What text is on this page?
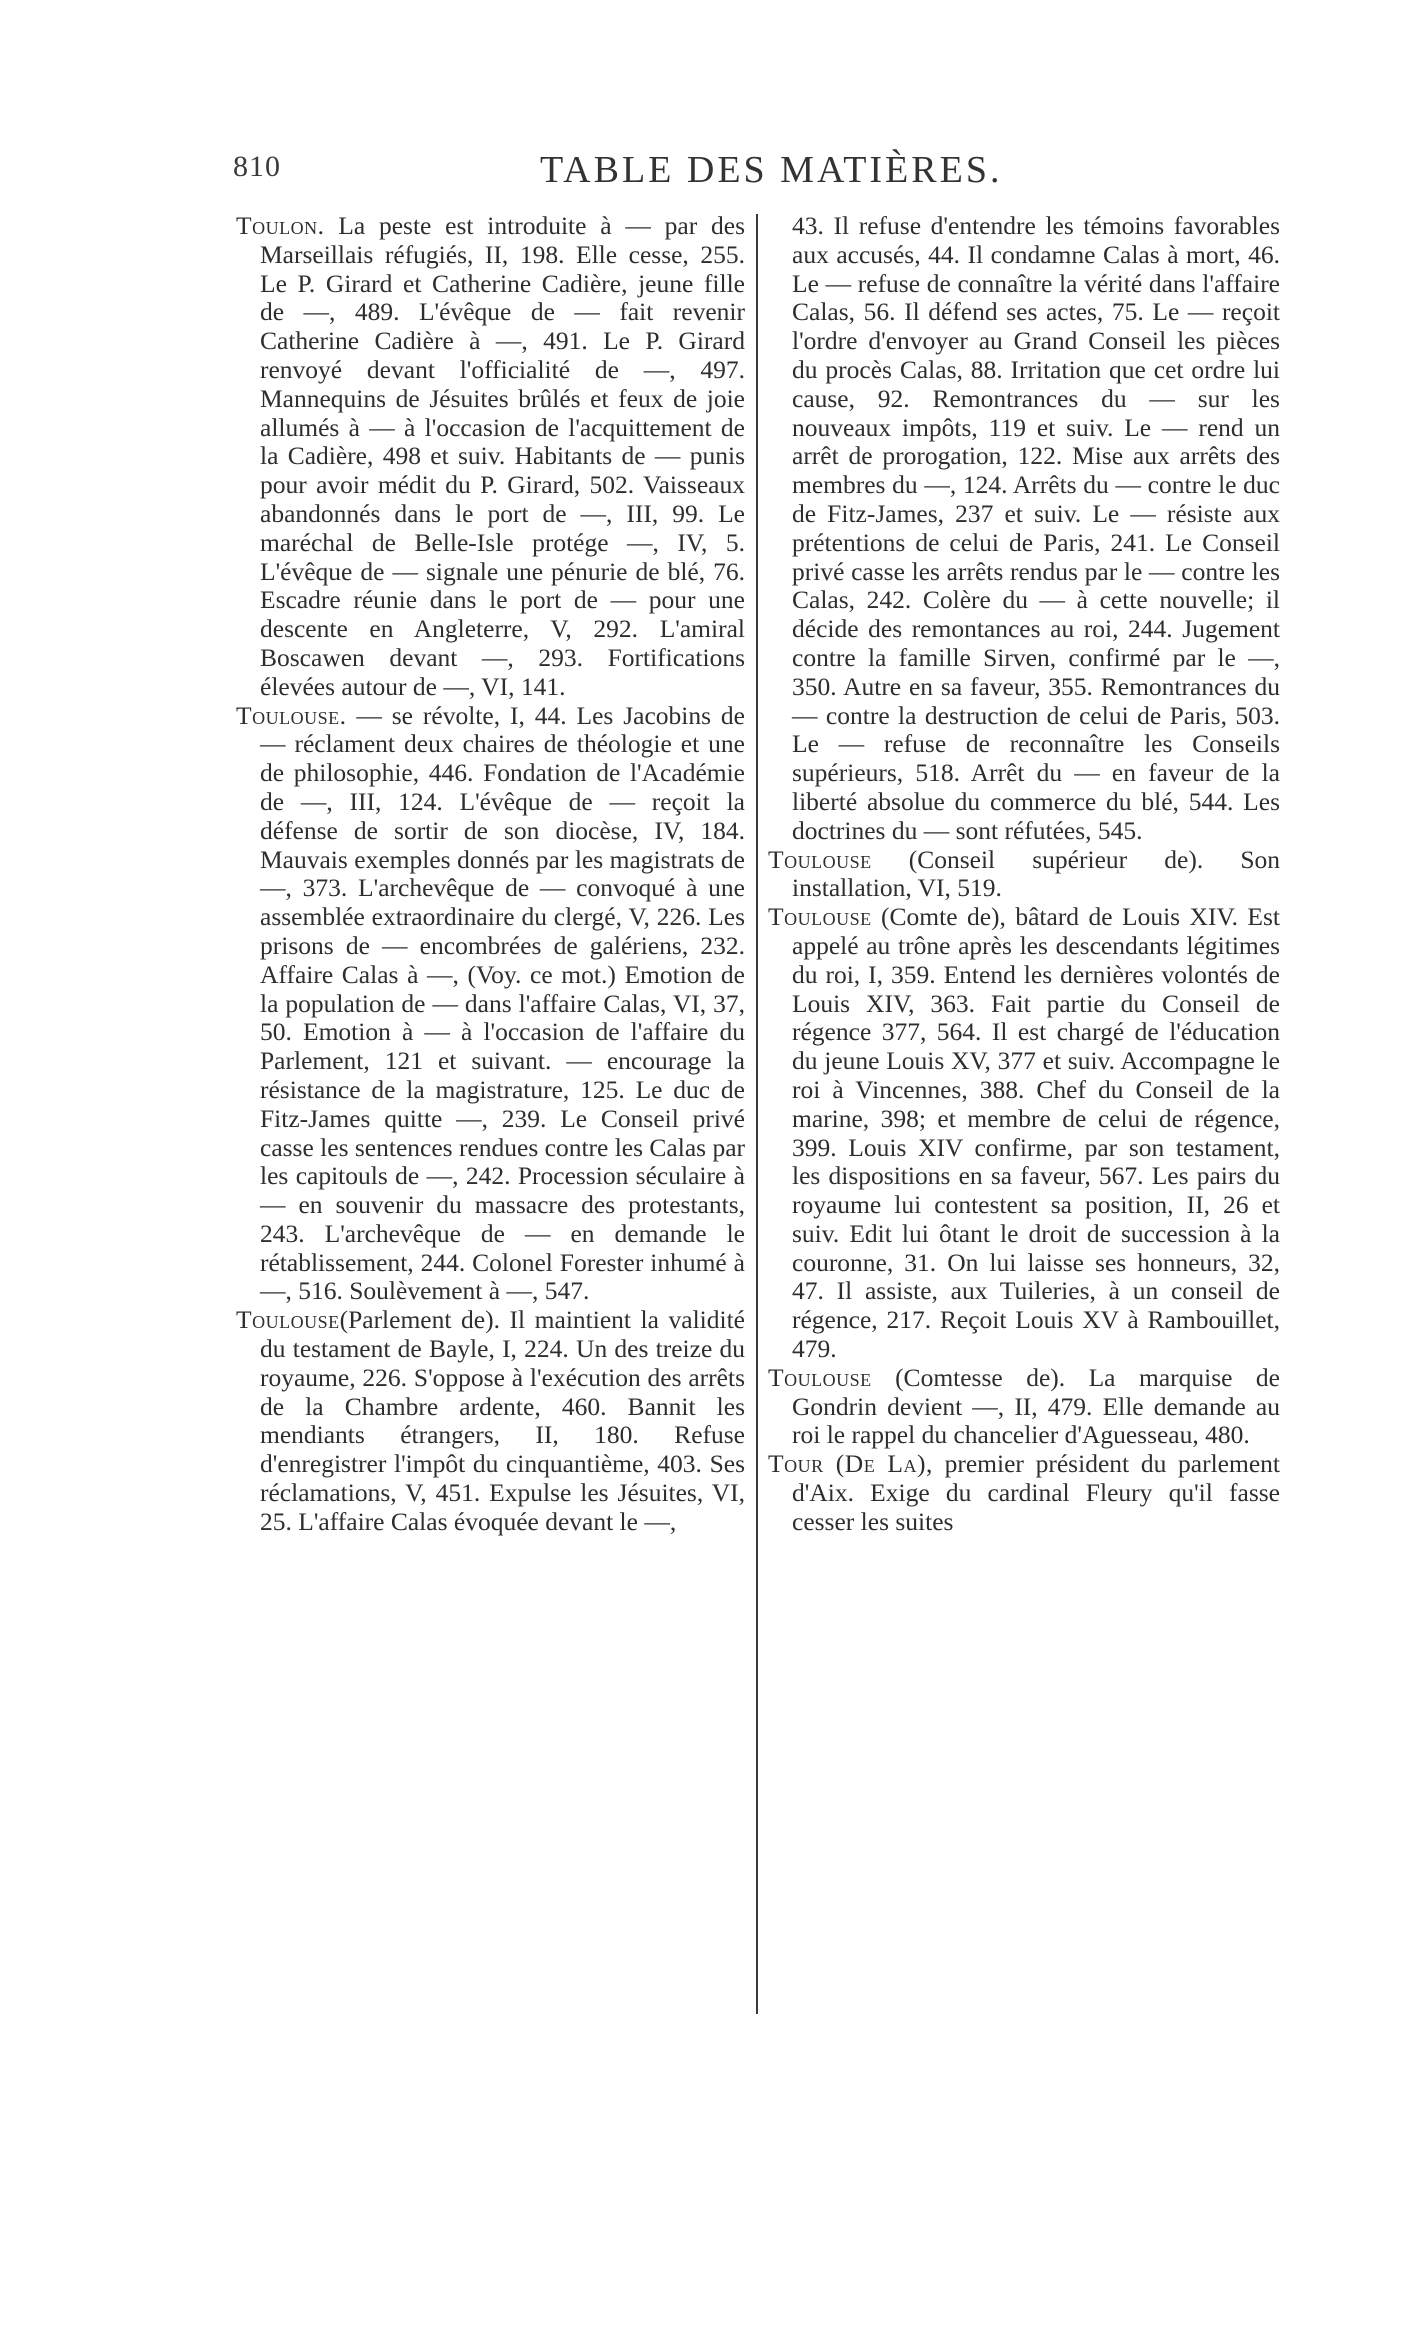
810	TABLE DES MATIÈRES.

Toulon. La peste est introduite à — par des Marseillais réfugiés, II, 198. Elle cesse, 255. Le P. Girard et Catherine Cadière, jeune fille de —, 489. L'évêque de — fait revenir Catherine Cadière à —, 491. Le P. Girard renvoyé devant l'officialité de —, 497. Mannequins de Jésuites brûlés et feux de joie allumés à — à l'occasion de l'acquittement de la Cadière, 498 et suiv. Habitants de — punis pour avoir médit du P. Girard, 502. Vaisseaux abandonnés dans le port de —, III, 99. Le maréchal de Belle-Isle protége —, IV, 5. L'évêque de — signale une pénurie de blé, 76. Escadre réunie dans le port de — pour une descente en Angleterre, V, 292. L'amiral Boscawen devant —, 293. Fortifications élevées autour de —, VI, 141.

Toulouse. — se révolte, I, 44. Les Jacobins de — réclament deux chaires de théologie et une de philosophie, 446. Fondation de l'Académie de —, III, 124. L'évêque de — reçoit la défense de sortir de son diocèse, IV, 184. Mauvais exemples donnés par les magistrats de —, 373. L'archevêque de — convoqué à une assemblée extraordinaire du clergé, V, 226. Les prisons de — encombrées de galériens, 232. Affaire Calas à —, (Voy. ce mot.) Emotion de la population de — dans l'affaire Calas, VI, 37, 50. Emotion à — à l'occasion de l'affaire du Parlement, 121 et suivant. — encourage la résistance de la magistrature, 125. Le duc de Fitz-James quitte —, 239. Le Conseil privé casse les sentences rendues contre les Calas par les capitouls de —, 242. Procession séculaire à — en souvenir du massacre des protestants, 243. L'archevêque de — en demande le rétablissement, 244. Colonel Forester inhumé à —, 516. Soulèvement à —, 547.

Toulouse(Parlement de). Il maintient la validité du testament de Bayle, I, 224. Un des treize du royaume, 226. S'oppose à l'exécution des arrêts de la Chambre ardente, 460. Bannit les mendiants étrangers, II, 180. Refuse d'enregistrer l'impôt du cinquantième, 403. Ses réclamations, V, 451. Expulse les Jésuites, VI, 25. L'affaire Calas évoquée devant le —,

43. Il refuse d'entendre les témoins favorables aux accusés, 44. Il condamne Calas à mort, 46. Le — refuse de connaître la vérité dans l'affaire Calas, 56. Il défend ses actes, 75. Le — reçoit l'ordre d'envoyer au Grand Conseil les pièces du procès Calas, 88. Irritation que cet ordre lui cause, 92. Remontrances du — sur les nouveaux impôts, 119 et suiv. Le — rend un arrêt de prorogation, 122. Mise aux arrêts des membres du —, 124. Arrêts du — contre le duc de Fitz-James, 237 et suiv. Le — résiste aux prétentions de celui de Paris, 241. Le Conseil privé casse les arrêts rendus par le — contre les Calas, 242. Colère du — à cette nouvelle; il décide des remontances au roi, 244. Jugement contre la famille Sirven, confirmé par le —, 350. Autre en sa faveur, 355. Remontrances du — contre la destruction de celui de Paris, 503. Le — refuse de reconnaître les Conseils supérieurs, 518. Arrêt du — en faveur de la liberté absolue du commerce du blé, 544. Les doctrines du — sont réfutées, 545.

Toulouse (Conseil supérieur de). Son installation, VI, 519.

Toulouse (Comte de), bâtard de Louis XIV. Est appelé au trône après les descendants légitimes du roi, I, 359. Entend les dernières volontés de Louis XIV, 363. Fait partie du Conseil de régence 377, 564. Il est chargé de l'éducation du jeune Louis XV, 377 et suiv. Accompagne le roi à Vincennes, 388. Chef du Conseil de la marine, 398; et membre de celui de régence, 399. Louis XIV confirme, par son testament, les dispositions en sa faveur, 567. Les pairs du royaume lui contestent sa position, II, 26 et suiv. Edit lui ôtant le droit de succession à la couronne, 31. On lui laisse ses honneurs, 32, 47. Il assiste, aux Tuileries, à un conseil de régence, 217. Reçoit Louis XV à Rambouillet, 479.

Toulouse (Comtesse de). La marquise de Gondrin devient —, II, 479. Elle demande au roi le rappel du chancelier d'Aguesseau, 480.

Tour (De La), premier président du parlement d'Aix. Exige du cardinal Fleury qu'il fasse cesser les suites
